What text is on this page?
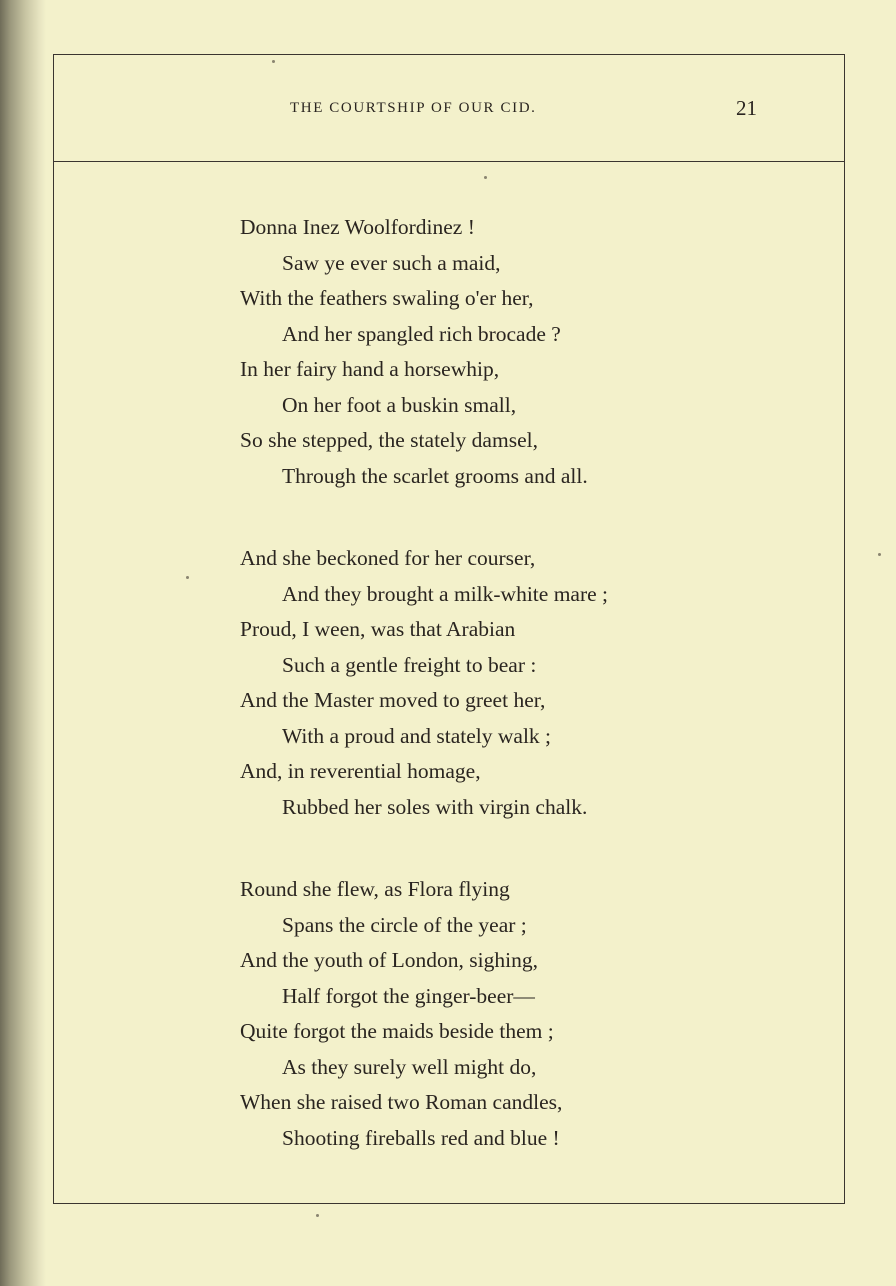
THE COURTSHIP OF OUR CID.	21
Donna Inez Woolfordinez !
Saw ye ever such a maid,
With the feathers swaling o'er her,
And her spangled rich brocade ?
In her fairy hand a horsewhip,
On her foot a buskin small,
So she stepped, the stately damsel,
Through the scarlet grooms and all.
And she beckoned for her courser,
And they brought a milk-white mare ;
Proud, I ween, was that Arabian
Such a gentle freight to bear :
And the Master moved to greet her,
With a proud and stately walk ;
And, in reverential homage,
Rubbed her soles with virgin chalk.
Round she flew, as Flora flying
Spans the circle of the year ;
And the youth of London, sighing,
Half forgot the ginger-beer—
Quite forgot the maids beside them ;
As they surely well might do,
When she raised two Roman candles,
Shooting fireballs red and blue !
